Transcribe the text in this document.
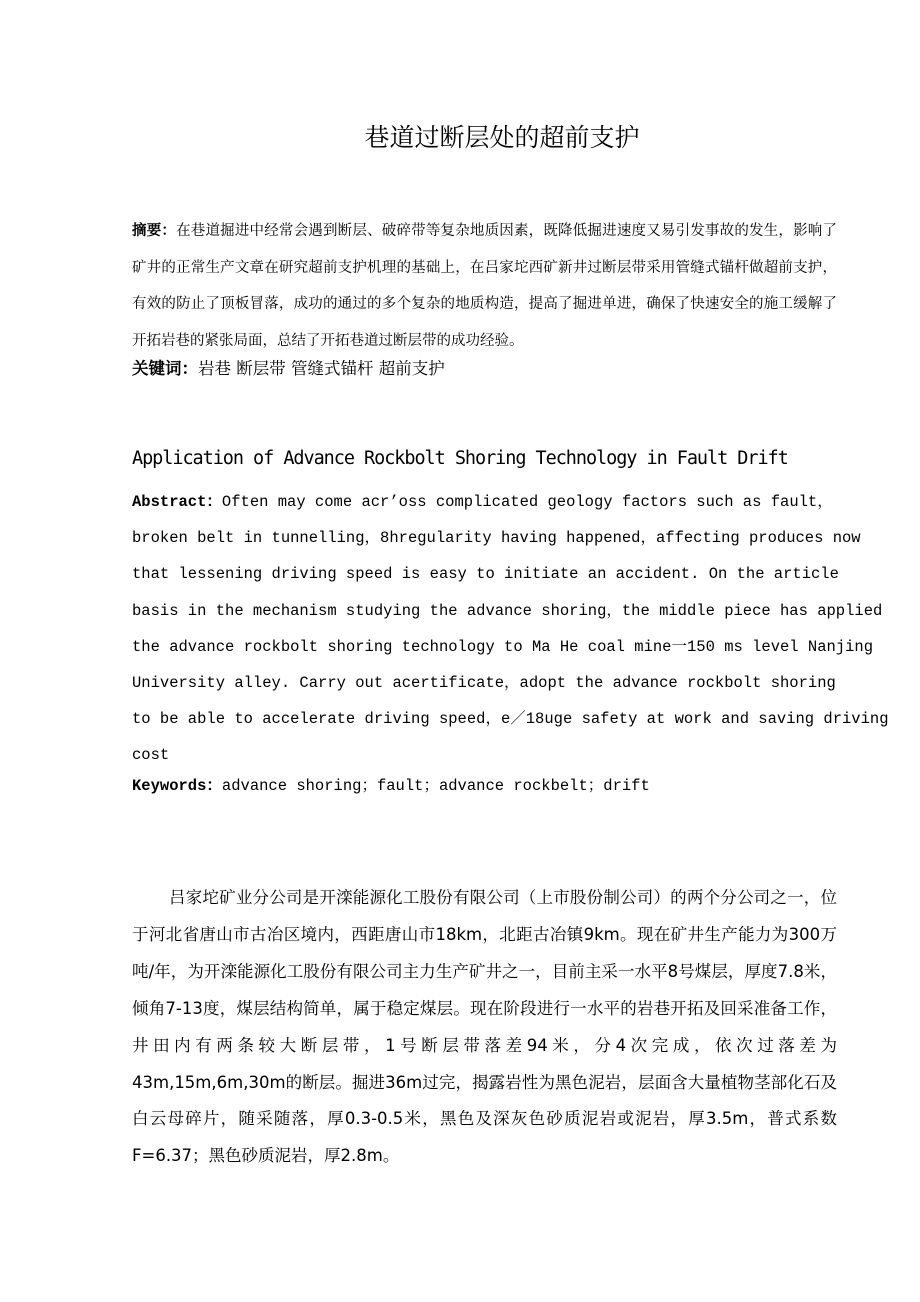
巷道过断层处的超前支护

摘要：在巷道掘进中经常会遇到断层、破碎带等复杂地质因素，既降低掘进速度又易引发事故的发生，影响了矿井的正常生产文章在研究超前支护机理的基础上，在吕家坨西矿新井过断层带采用管缝式锚杆做超前支护，有效的防止了顶板冒落，成功的通过的多个复杂的地质构造，提高了掘进单进，确保了快速安全的施工缓解了开拓岩巷的紧张局面，总结了开拓巷道过断层带的成功经验。

关键词：岩巷 断层带 管缝式锚杆 超前支护

Application of Advance Rockbolt Shoring Technology in Fault Drift
Abstract：Often may come acr’oss complicated geology factors such as fault，
broken belt in tunnelling，8hregularity having happened，affecting produces now
that lessening driving speed is easy to initiate an accident. On the article
basis in the mechanism studying the advance shoring，the middle piece has applied
the advance rockbolt shoring technology to Ma He coal mine一150 ms level Nanjing
University alley. Carry out acertificate，adopt the advance rockbolt shoring
to be able to accelerate driving speed，e／18uge safety at work and saving driving
cost

Keywords：advance shoring；fault；advance rockbelt；drift

吕家坨矿业分公司是开滦能源化工股份有限公司（上市股份制公司）的两个分公司之一，位于河北省唐山市古冶区境内，西距唐山市18km，北距古冶镇9km。现在矿井生产能力为300万吨/年，为开滦能源化工股份有限公司主力生产矿井之一，目前主采一水平8号煤层，厚度7.8米，倾角7-13度，煤层结构简单，属于稳定煤层。现在阶段进行一水平的岩巷开拓及回采准备工作，井田内有两条较大断层带，1号断层带落差94米，分4次完成，依次过落差为43m,15m,6m,30m的断层。掘进36m过完，揭露岩性为黑色泥岩，层面含大量植物茎部化石及白云母碎片，随采随落，厚0.3-0.5米，黑色及深灰色砂质泥岩或泥岩，厚3.5m，普式系数F=6.37；黑色砂质泥岩，厚2.8m。
